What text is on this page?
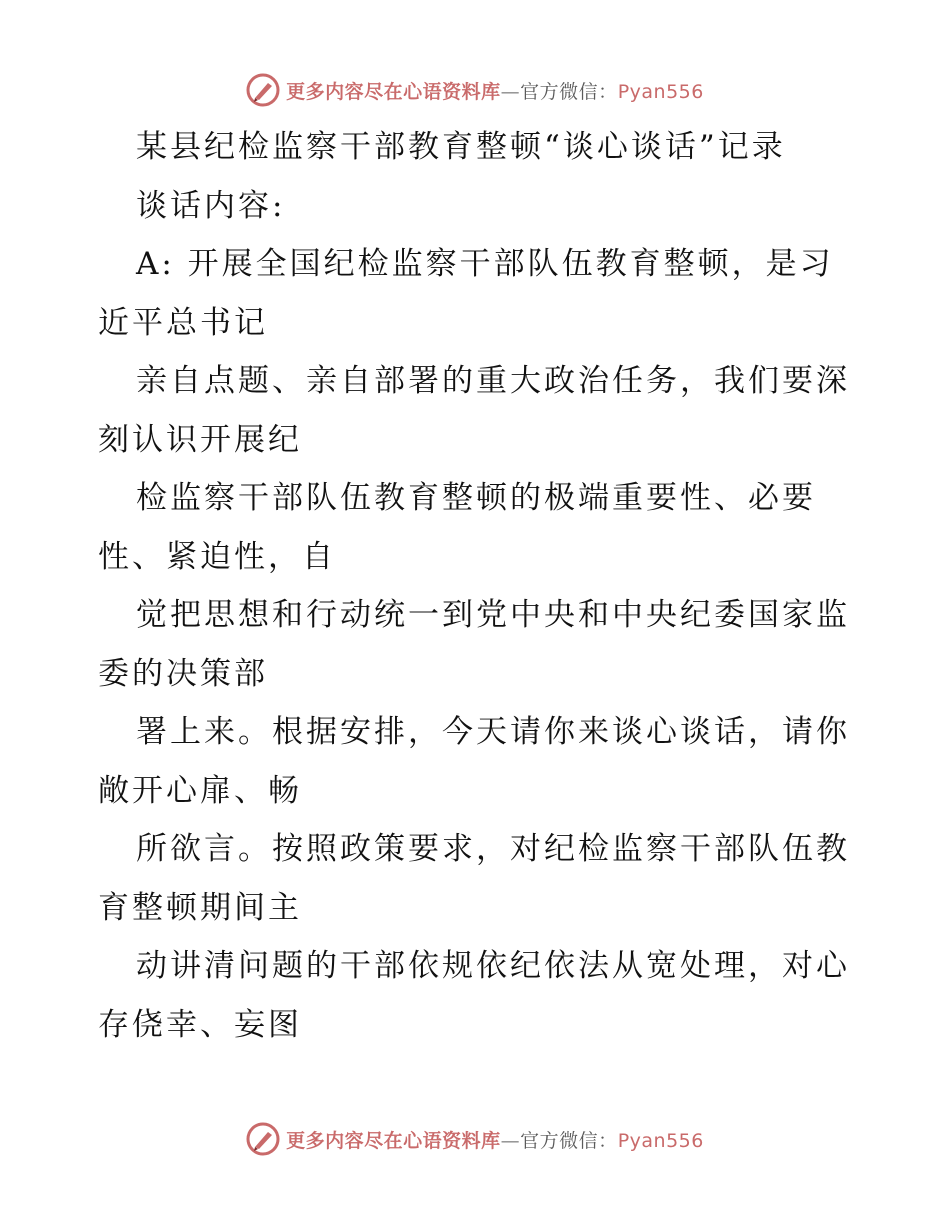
更多内容尽在心语资料库—官方微信：Pyan556
某县纪检监察干部教育整顿“谈心谈话”记录
谈话内容:
A: 开展全国纪检监察干部队伍教育整顿，是习
近平总书记
亲自点题、亲自部署的重大政治任务，我们要深
刻认识开展纪
检监察干部队伍教育整顿的极端重要性、必要
性、紧迫性，自
觉把思想和行动统一到党中央和中央纪委国家监
委的决策部
署上来。根据安排，今天请你来谈心谈话，请你
敞开心扉、畅
所欲言。按照政策要求，对纪检监察干部队伍教
育整顿期间主
动讲清问题的干部依规依纪依法从宽处理，对心
存侥幸、妄图
更多内容尽在心语资料库—官方微信：Pyan556
